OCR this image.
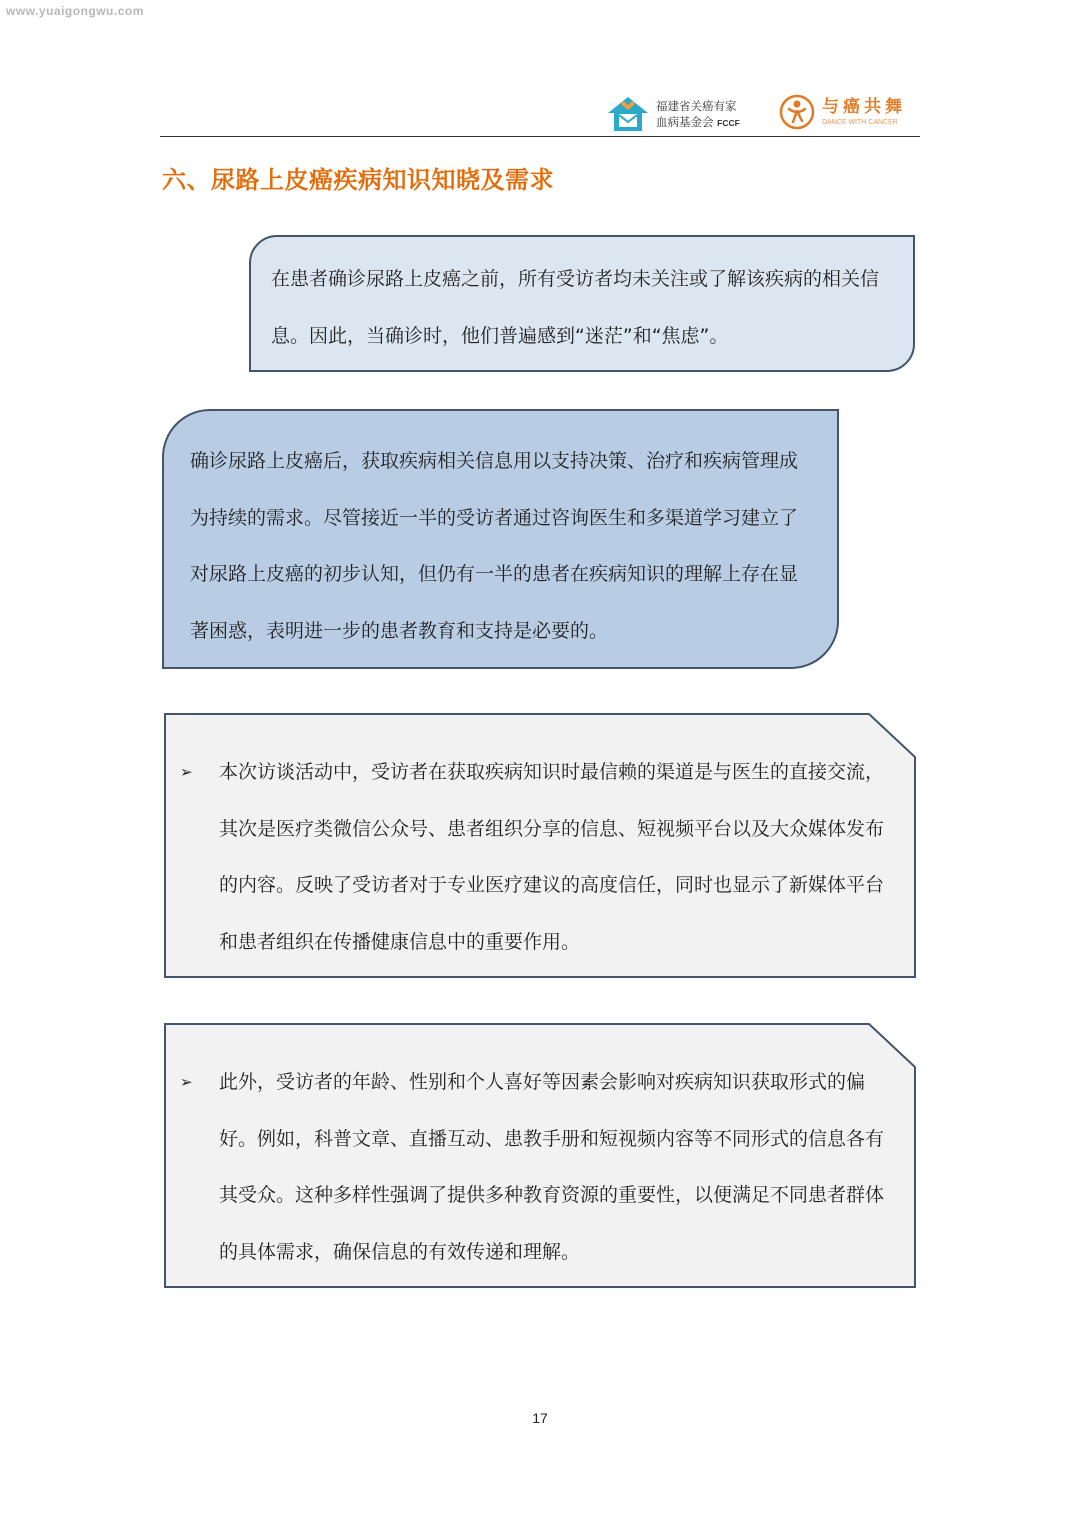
www.yuaigongwu.com
福建省关癌有家
血病基金会 FCCF
与癌共舞
DANCE WITH CANCER
六、尿路上皮癌疾病知识知晓及需求

在患者确诊尿路上皮癌之前，所有受访者均未关注或了解该疾病的相关信息。因此，当确诊时，他们普遍感到“迷茫”和“焦虑”。

确诊尿路上皮癌后，获取疾病相关信息用以支持决策、治疗和疾病管理成为持续的需求。尽管接近一半的受访者通过咨询医生和多渠道学习建立了对尿路上皮癌的初步认知，但仍有一半的患者在疾病知识的理解上存在显著困惑，表明进一步的患者教育和支持是必要的。

➢ 本次访谈活动中，受访者在获取疾病知识时最信赖的渠道是与医生的直接交流，其次是医疗类微信公众号、患者组织分享的信息、短视频平台以及大众媒体发布的内容。反映了受访者对于专业医疗建议的高度信任，同时也显示了新媒体平台和患者组织在传播健康信息中的重要作用。

➢ 此外，受访者的年龄、性别和个人喜好等因素会影响对疾病知识获取形式的偏好。例如，科普文章、直播互动、患教手册和短视频内容等不同形式的信息各有其受众。这种多样性强调了提供多种教育资源的重要性，以便满足不同患者群体的具体需求，确保信息的有效传递和理解。

17
